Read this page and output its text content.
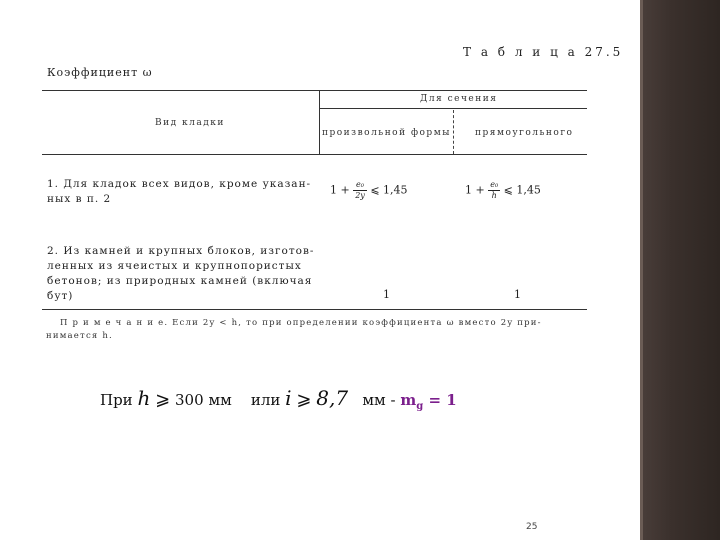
Т а б л и ц а 27.5
Коэффициент ω
Для сечения
Вид кладки
произвольной формы	прямоугольного
1. Для кладок всех видов, кроме указан-
ных в п. 2
$1 + \frac{\text{e₀}}{2y}$ ⩽ 1,45	$1 + \frac{\text{e₀}}{h}$ ⩽ 1,45
2. Из камней и крупных блоков, изготов-
ленных из ячеистых и крупнопористых
бетонов; из природных камней (включая
бут)	1	1
П р и м е ч а н и е. Если 2y < h, то при определении коэффициента ω вместо 2y при-
нимается h.
При h ⩾ 300 мм или i ⩾ 8,7 мм - $m_g = 1$
25
